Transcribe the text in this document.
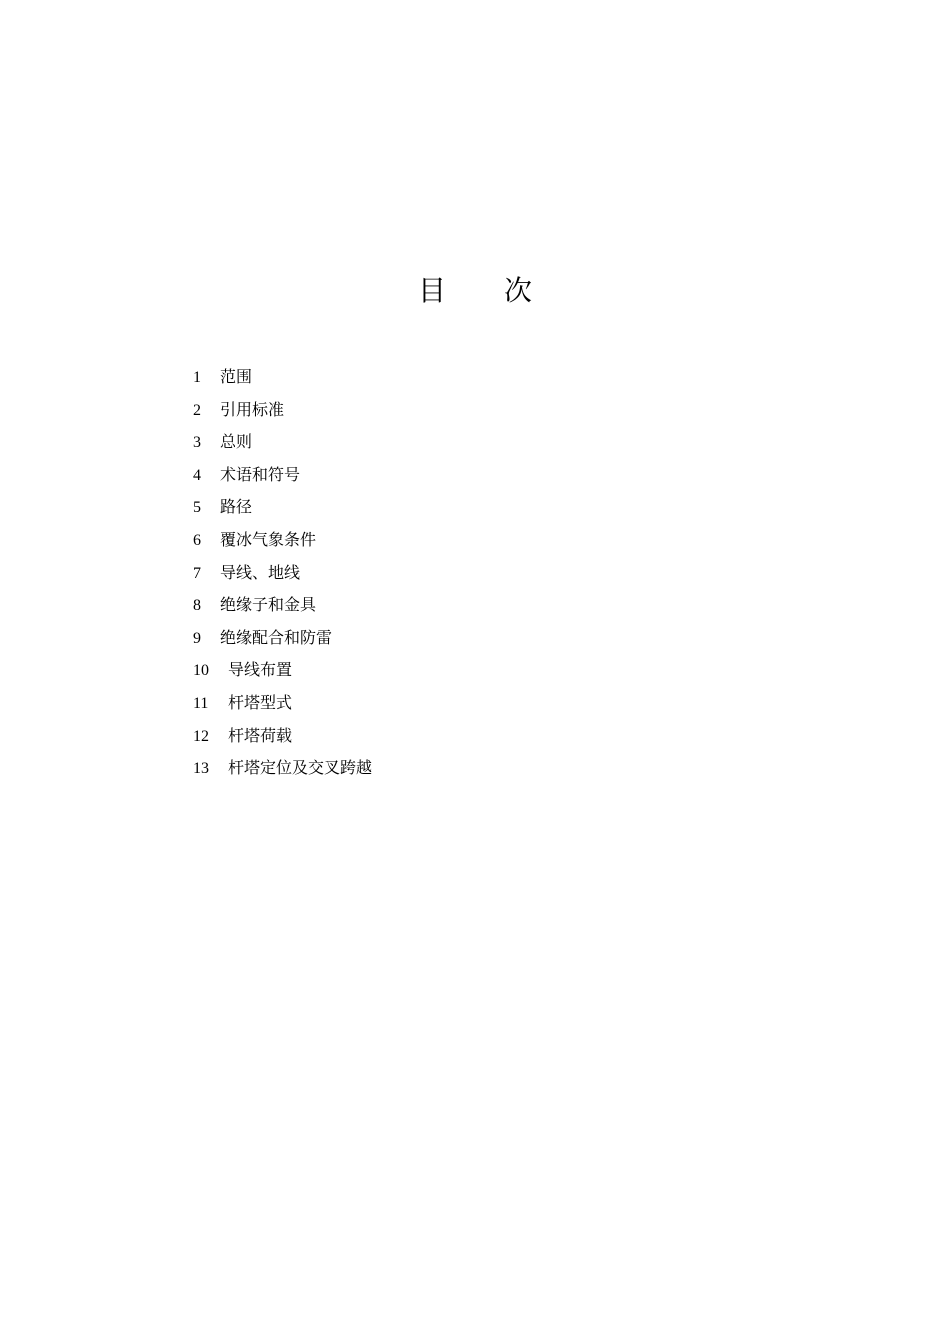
目 次
1 范围
2 引用标准
3 总则
4 术语和符号
5 路径
6 覆冰气象条件
7 导线、地线
8 绝缘子和金具
9 绝缘配合和防雷
10 导线布置
11 杆塔型式
12 杆塔荷载
13 杆塔定位及交叉跨越
